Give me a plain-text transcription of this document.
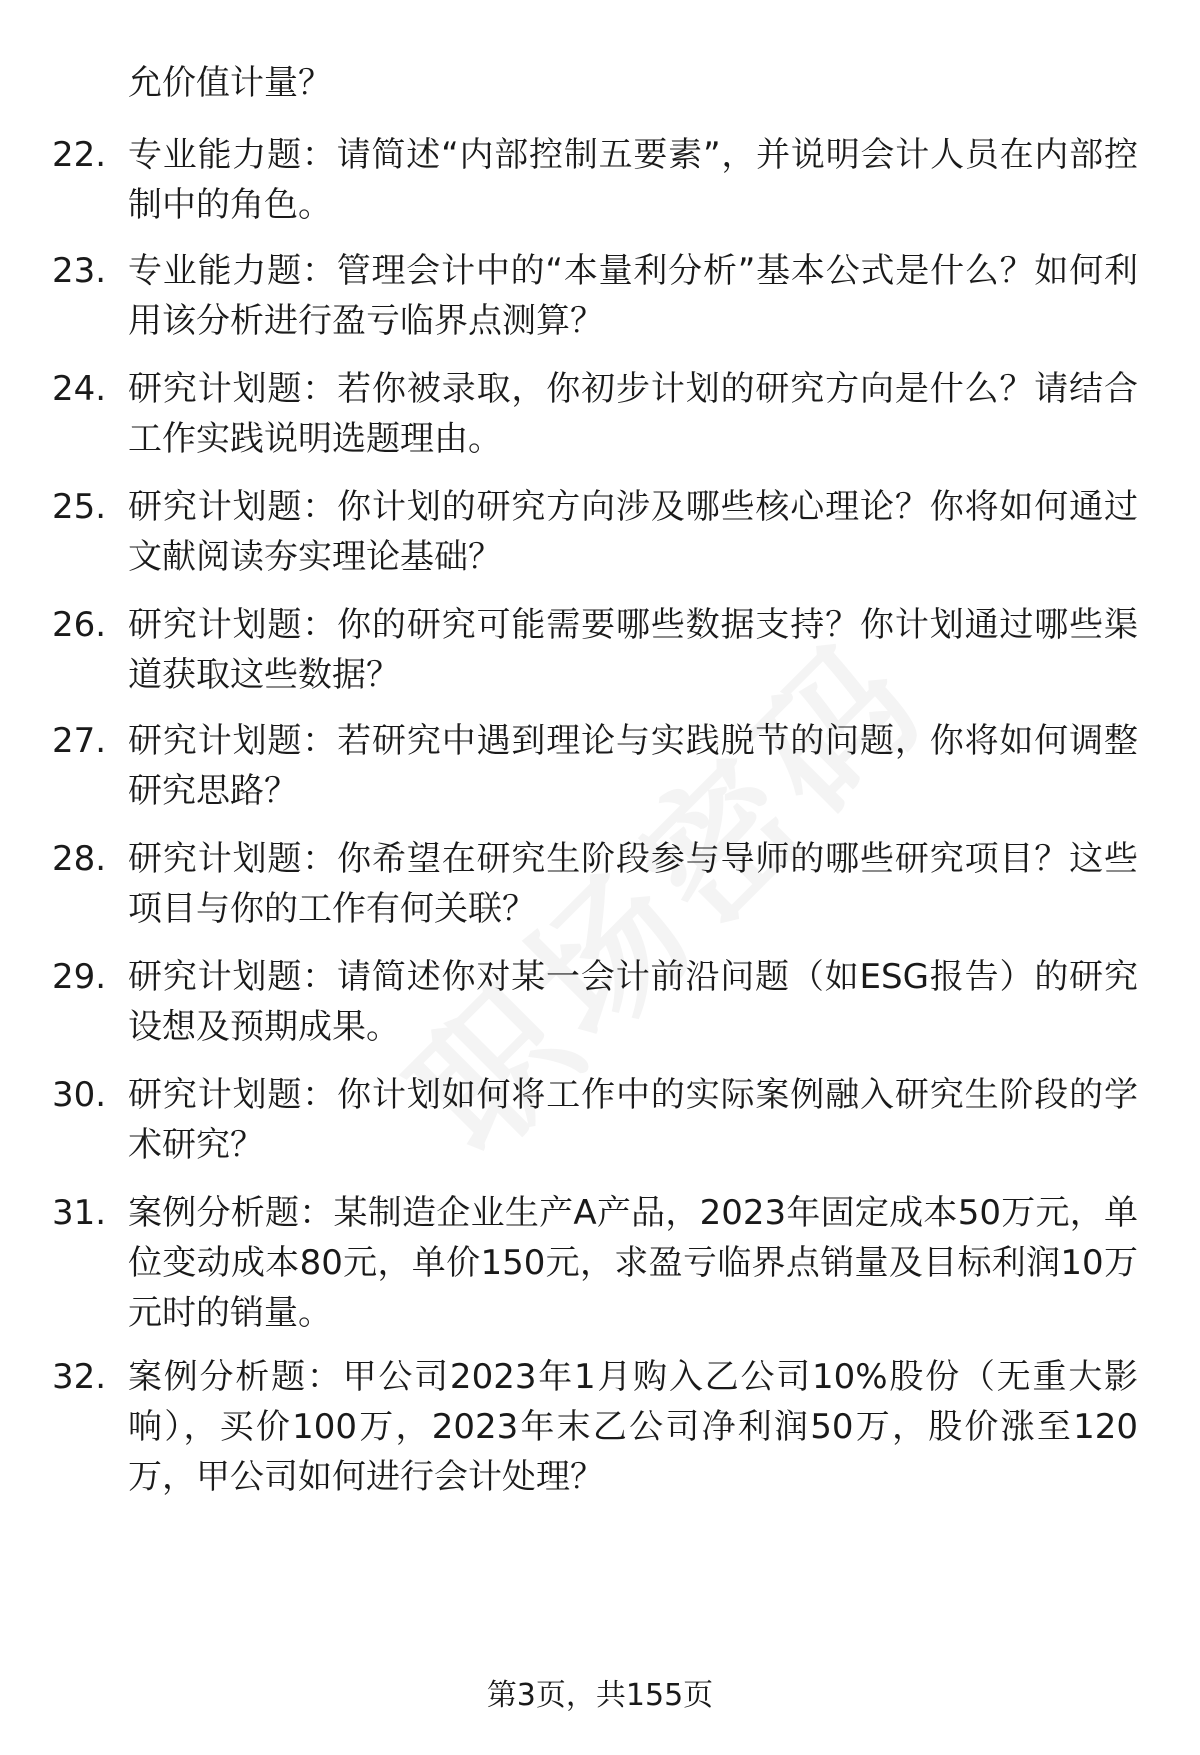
允价值计量？
22. 专业能力题：请简述“内部控制五要素”，并说明会计人员在内部控制中的角色。
23. 专业能力题：管理会计中的“本量利分析”基本公式是什么？如何利用该分析进行盈亏临界点测算？
24. 研究计划题：若你被录取，你初步计划的研究方向是什么？请结合工作实践说明选题理由。
25. 研究计划题：你计划的研究方向涉及哪些核心理论？你将如何通过文献阅读夯实理论基础？
26. 研究计划题：你的研究可能需要哪些数据支持？你计划通过哪些渠道获取这些数据？
27. 研究计划题：若研究中遇到理论与实践脱节的问题，你将如何调整研究思路？
28. 研究计划题：你希望在研究生阶段参与导师的哪些研究项目？这些项目与你的工作有何关联？
29. 研究计划题：请简述你对某一会计前沿问题（如ESG报告）的研究设想及预期成果。
30. 研究计划题：你计划如何将工作中的实际案例融入研究生阶段的学术研究？
31. 案例分析题：某制造企业生产A产品，2023年固定成本50万元，单位变动成本80元，单价150元，求盈亏临界点销量及目标利润10万元时的销量。
32. 案例分析题：甲公司2023年1月购入乙公司10%股份（无重大影响），买价100万，2023年末乙公司净利润50万，股价涨至120万，甲公司如何进行会计处理？
第3页，共155页
